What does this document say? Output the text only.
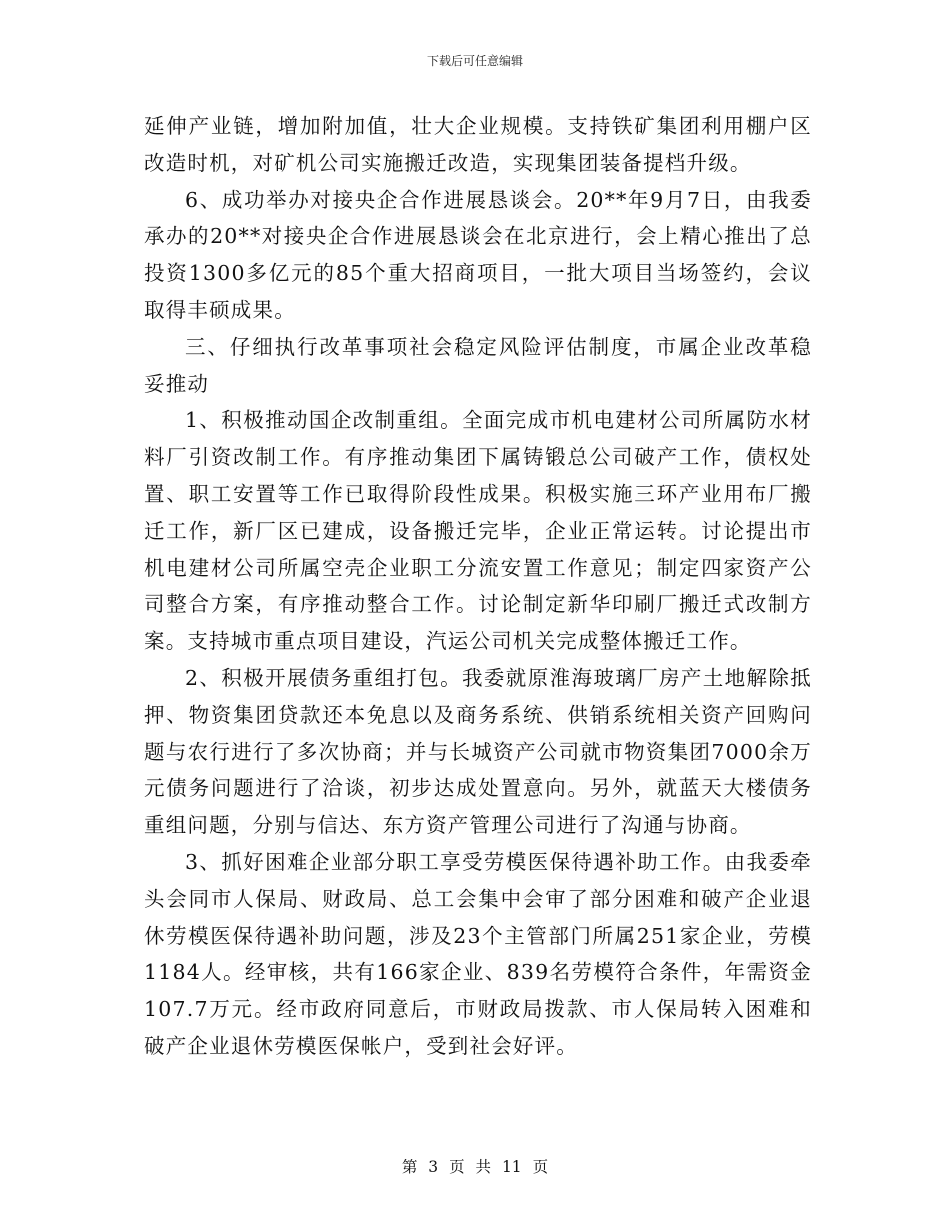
下载后可任意编辑

延伸产业链，增加附加值，壮大企业规模。支持铁矿集团利用棚户区改造时机，对矿机公司实施搬迁改造，实现集团装备提档升级。

6、成功举办对接央企合作进展恳谈会。20**年9月7日，由我委承办的20**对接央企合作进展恳谈会在北京进行，会上精心推出了总投资1300多亿元的85个重大招商项目，一批大项目当场签约，会议取得丰硕成果。

三、仔细执行改革事项社会稳定风险评估制度，市属企业改革稳妥推动

1、积极推动国企改制重组。全面完成市机电建材公司所属防水材料厂引资改制工作。有序推动集团下属铸锻总公司破产工作，债权处置、职工安置等工作已取得阶段性成果。积极实施三环产业用布厂搬迁工作，新厂区已建成，设备搬迁完毕，企业正常运转。讨论提出市机电建材公司所属空壳企业职工分流安置工作意见；制定四家资产公司整合方案，有序推动整合工作。讨论制定新华印刷厂搬迁式改制方案。支持城市重点项目建设，汽运公司机关完成整体搬迁工作。

2、积极开展债务重组打包。我委就原淮海玻璃厂房产土地解除抵押、物资集团贷款还本免息以及商务系统、供销系统相关资产回购问题与农行进行了多次协商；并与长城资产公司就市物资集团7000余万元债务问题进行了洽谈，初步达成处置意向。另外，就蓝天大楼债务重组问题，分别与信达、东方资产管理公司进行了沟通与协商。

3、抓好困难企业部分职工享受劳模医保待遇补助工作。由我委牵头会同市人保局、财政局、总工会集中会审了部分困难和破产企业退休劳模医保待遇补助问题，涉及23个主管部门所属251家企业，劳模1184人。经审核，共有166家企业、839名劳模符合条件，年需资金107.7万元。经市政府同意后，市财政局拨款、市人保局转入困难和破产企业退休劳模医保帐户，受到社会好评。

第 3 页 共 11 页
